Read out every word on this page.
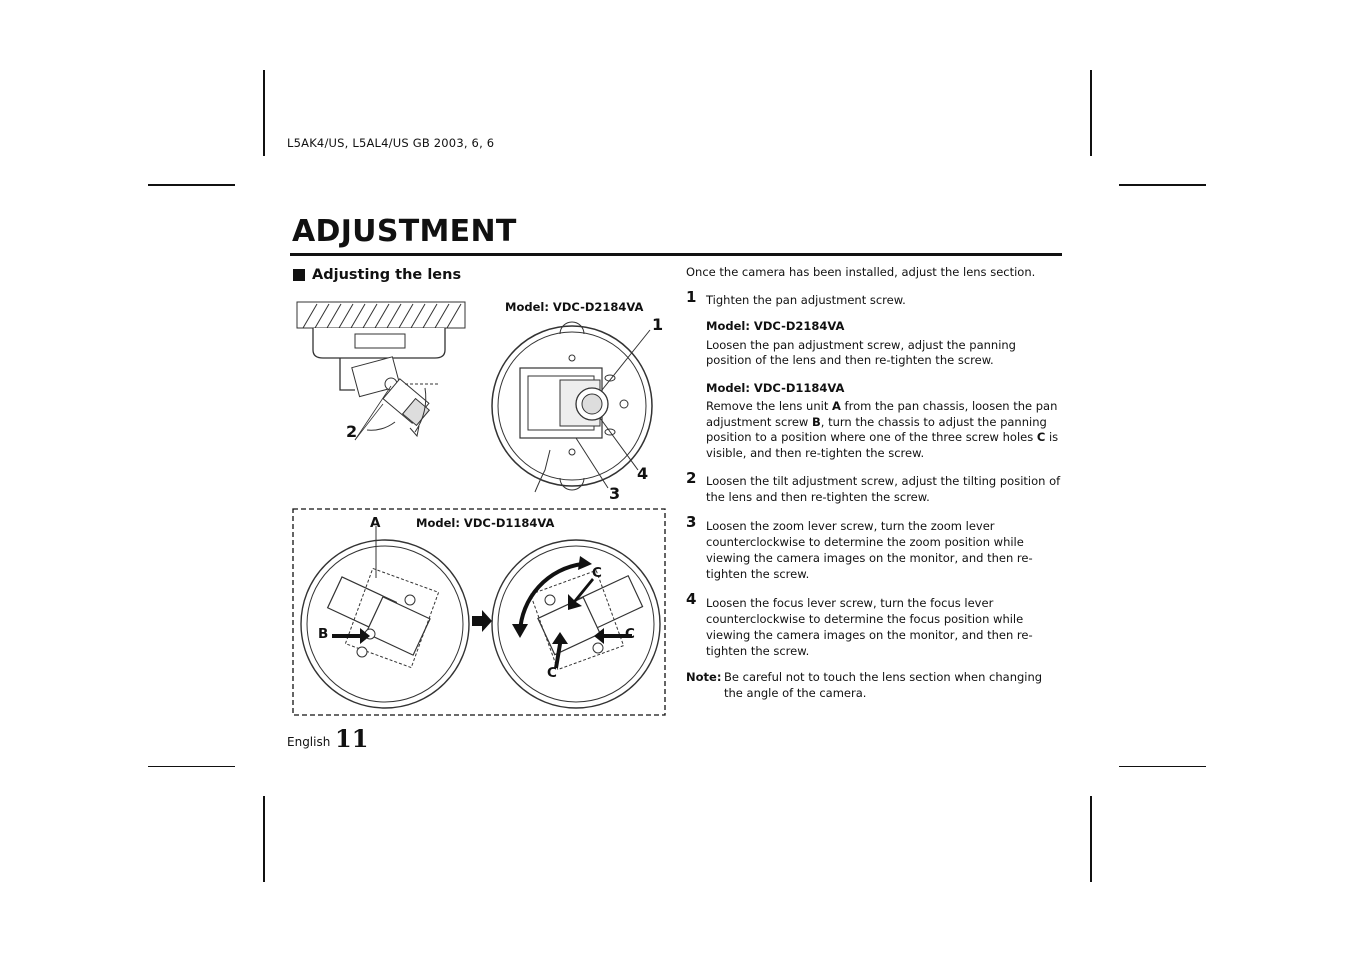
L5AK4/US, L5AL4/US GB 2003, 6, 6
ADJUSTMENT
Adjusting the lens
2
Model: VDC-D2184VA
1
4
3
A	Model: VDC-D1184VA
B
C
C
C

Once the camera has been installed, adjust the lens section.

1 Tighten the pan adjustment screw.

Model: VDC-D2184VA

Loosen the pan adjustment screw, adjust the panning position of the lens and then re-tighten the screw.

Model: VDC-D1184VA

Remove the lens unit A from the pan chassis, loosen the pan adjustment screw B, turn the chassis to adjust the panning position to a position where one of the three screw holes C is visible, and then re-tighten the screw.

2 Loosen the tilt adjustment screw, adjust the tilting position of the lens and then re-tighten the screw.

3 Loosen the zoom lever screw, turn the zoom lever counterclockwise to determine the zoom position while viewing the camera images on the monitor, and then re-tighten the screw.

4 Loosen the focus lever screw, turn the focus lever counterclockwise to determine the focus position while viewing the camera images on the monitor, and then re-tighten the screw.

Note: Be careful not to touch the lens section when changing the angle of the camera.

English 11
